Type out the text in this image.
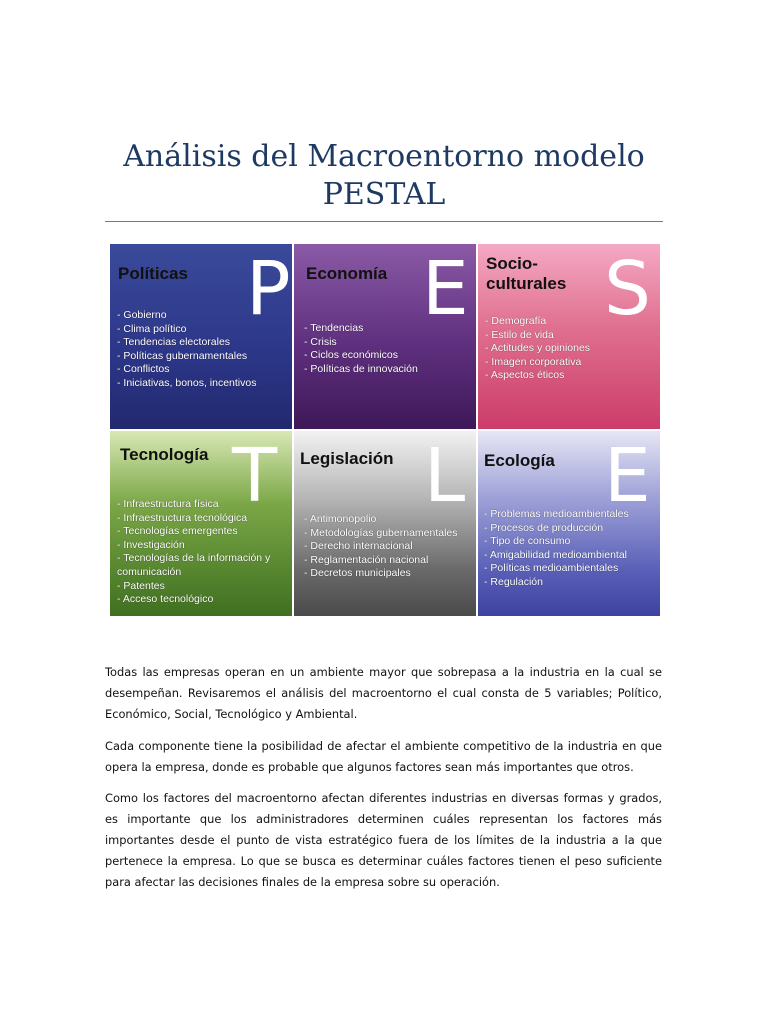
Análisis del Macroentorno modelo
PESTAL
Políticas P
- Gobierno
- Clima político
- Tendencias electorales
- Políticas gubernamentales
- Conflictos
- Iniciativas, bonos, incentivos
Economía E
- Tendencias
- Crisis
- Ciclos económicos
- Políticas de innovación
Socio-
culturales S
- Demografía
- Estilo de vida
- Actitudes y opiniones
- Imagen corporativa
- Aspectos éticos
Tecnología T
- Infraestructura física
- Infraestructura tecnológica
- Tecnologías emergentes
- Investigación
- Tecnologías de la información y
comunicación
- Patentes
- Acceso tecnológico
Legislación L
- Antimonopolio
- Metodologías gubernamentales
- Derecho internacional
- Reglamentación nacional
- Decretos municipales
Ecología E
- Problemas medioambientales
- Procesos de producción
- Tipo de consumo
- Amigabilidad medioambiental
- Políticas medioambientales
- Regulación

Todas las empresas operan en un ambiente mayor que sobrepasa a la industria en la cual se desempeñan. Revisaremos el análisis del macroentorno el cual consta de 5 variables; Político, Económico, Social, Tecnológico y Ambiental.

Cada componente tiene la posibilidad de afectar el ambiente competitivo de la industria en que opera la empresa, donde es probable que algunos factores sean más importantes que otros.

Como los factores del macroentorno afectan diferentes industrias en diversas formas y grados, es importante que los administradores determinen cuáles representan los factores más importantes desde el punto de vista estratégico fuera de los límites de la industria a la que pertenece la empresa. Lo que se busca es determinar cuáles factores tienen el peso suficiente para afectar las decisiones finales de la empresa sobre su operación.
